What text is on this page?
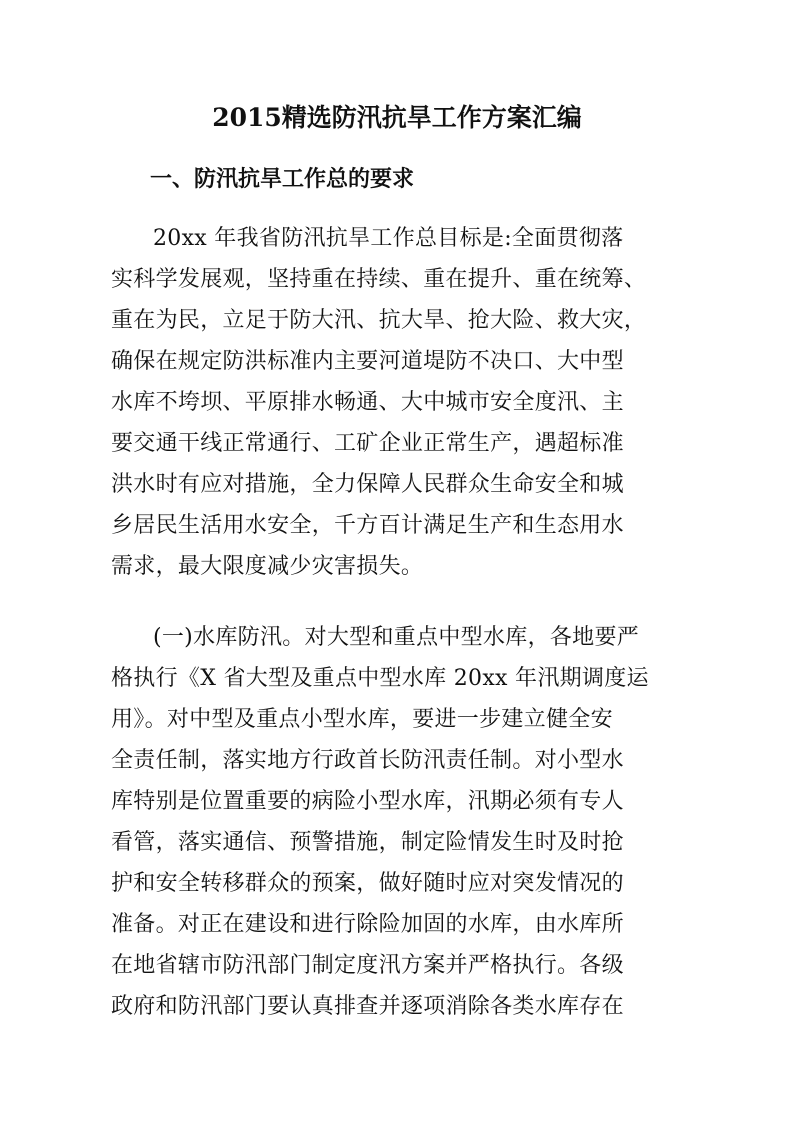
2015精选防汛抗旱工作方案汇编
一、防汛抗旱工作总的要求
20xx 年我省防汛抗旱工作总目标是:全面贯彻落
实科学发展观，坚持重在持续、重在提升、重在统筹、
重在为民，立足于防大汛、抗大旱、抢大险、救大灾，
确保在规定防洪标准内主要河道堤防不决口、大中型
水库不垮坝、平原排水畅通、大中城市安全度汛、主
要交通干线正常通行、工矿企业正常生产，遇超标准
洪水时有应对措施，全力保障人民群众生命安全和城
乡居民生活用水安全，千方百计满足生产和生态用水
需求，最大限度减少灾害损失。
(一)水库防汛。对大型和重点中型水库，各地要严
格执行《X 省大型及重点中型水库 20xx 年汛期调度运
用》。对中型及重点小型水库，要进一步建立健全安
全责任制，落实地方行政首长防汛责任制。对小型水
库特别是位置重要的病险小型水库，汛期必须有专人
看管，落实通信、预警措施，制定险情发生时及时抢
护和安全转移群众的预案，做好随时应对突发情况的
准备。对正在建设和进行除险加固的水库，由水库所
在地省辖市防汛部门制定度汛方案并严格执行。各级
政府和防汛部门要认真排查并逐项消除各类水库存在
